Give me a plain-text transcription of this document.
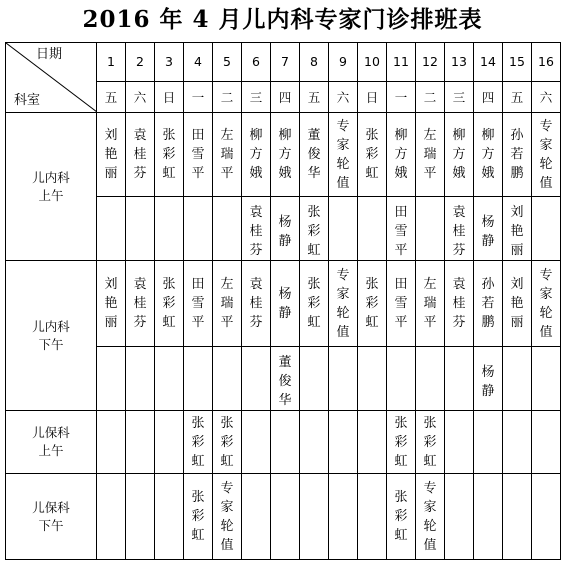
2016 年 4 月儿内科专家门诊排班表
日期
科室	1	2	3	4	5	6	7	8	9	10	11	12	13	14	15	16
	五	六	日	一	二	三	四	五	六	日	一	二	三	四	五	六

儿内科
上午	刘艳丽	袁桂芬	张彩虹	田雪平	左瑞平	柳方娥	柳方娥	董俊华	专家轮值	张彩虹	柳方娥	左瑞平	柳方娥	柳方娥	孙若鹏	专家轮值
						袁桂芬	杨静	张彩虹			田雪平		袁桂芬	杨静	刘艳丽	

儿内科
下午	刘艳丽	袁桂芬	张彩虹	田雪平	左瑞平	袁桂芬	杨静	张彩虹	专家轮值	张彩虹	田雪平	左瑞平	袁桂芬	孙若鹏	刘艳丽	专家轮值
							董俊华							杨静		

儿保科
上午				张彩虹	张彩虹						张彩虹	张彩虹				

儿保科
下午				张彩虹	专家轮值						张彩虹	专家轮值				
